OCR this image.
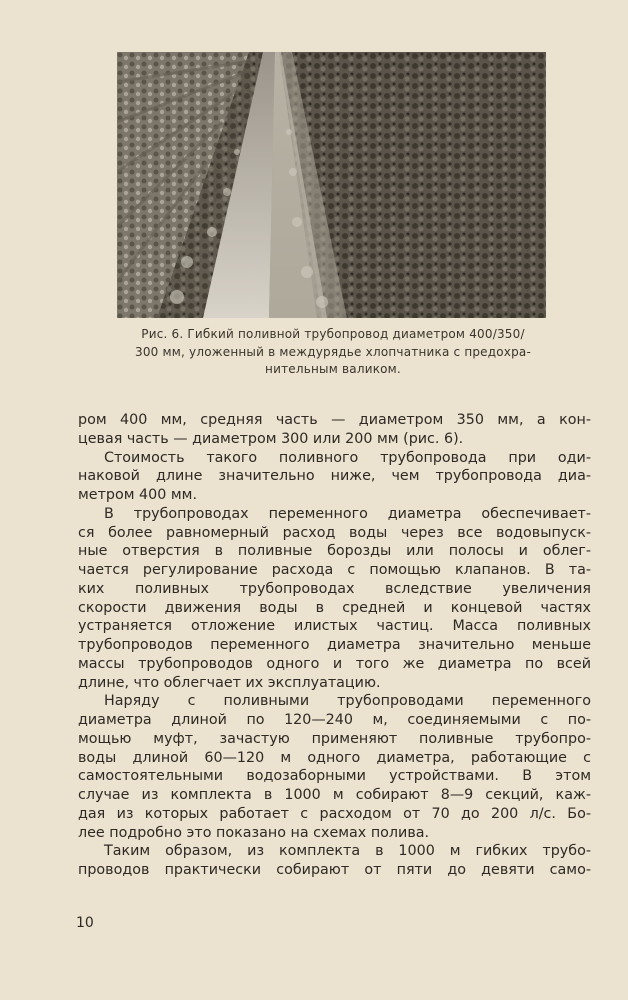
Рис. 6. Гибкий поливной трубопровод диаметром 400/350/
300 мм, уложенный в междурядье хлопчатника с предохра-
нительным валиком.
ром 400 мм, средняя часть — диаметром 350 мм, а кон-
цевая часть — диаметром 300 или 200 мм (рис. 6).
Стоимость такого поливного трубопровода при оди-
наковой длине значительно ниже, чем трубопровода диа-
метром 400 мм.
В трубопроводах переменного диаметра обеспечивает-
ся более равномерный расход воды через все водовыпуск-
ные отверстия в поливные борозды или полосы и облег-
чается регулирование расхода с помощью клапанов. В та-
ких поливных трубопроводах вследствие увеличения
скорости движения воды в средней и концевой частях
устраняется отложение илистых частиц. Масса поливных
трубопроводов переменного диаметра значительно меньше
массы трубопроводов одного и того же диаметра по всей
длине, что облегчает их эксплуатацию.
Наряду с поливными трубопроводами переменного
диаметра длиной по 120—240 м, соединяемыми с по-
мощью муфт, зачастую применяют поливные трубопро-
воды длиной 60—120 м одного диаметра, работающие с
самостоятельными водозаборными устройствами. В этом
случае из комплекта в 1000 м собирают 8—9 секций, каж-
дая из которых работает с расходом от 70 до 200 л/с. Бо-
лее подробно это показано на схемах полива.
Таким образом, из комплекта в 1000 м гибких трубо-
проводов практически собирают от пяти до девяти само-
10
